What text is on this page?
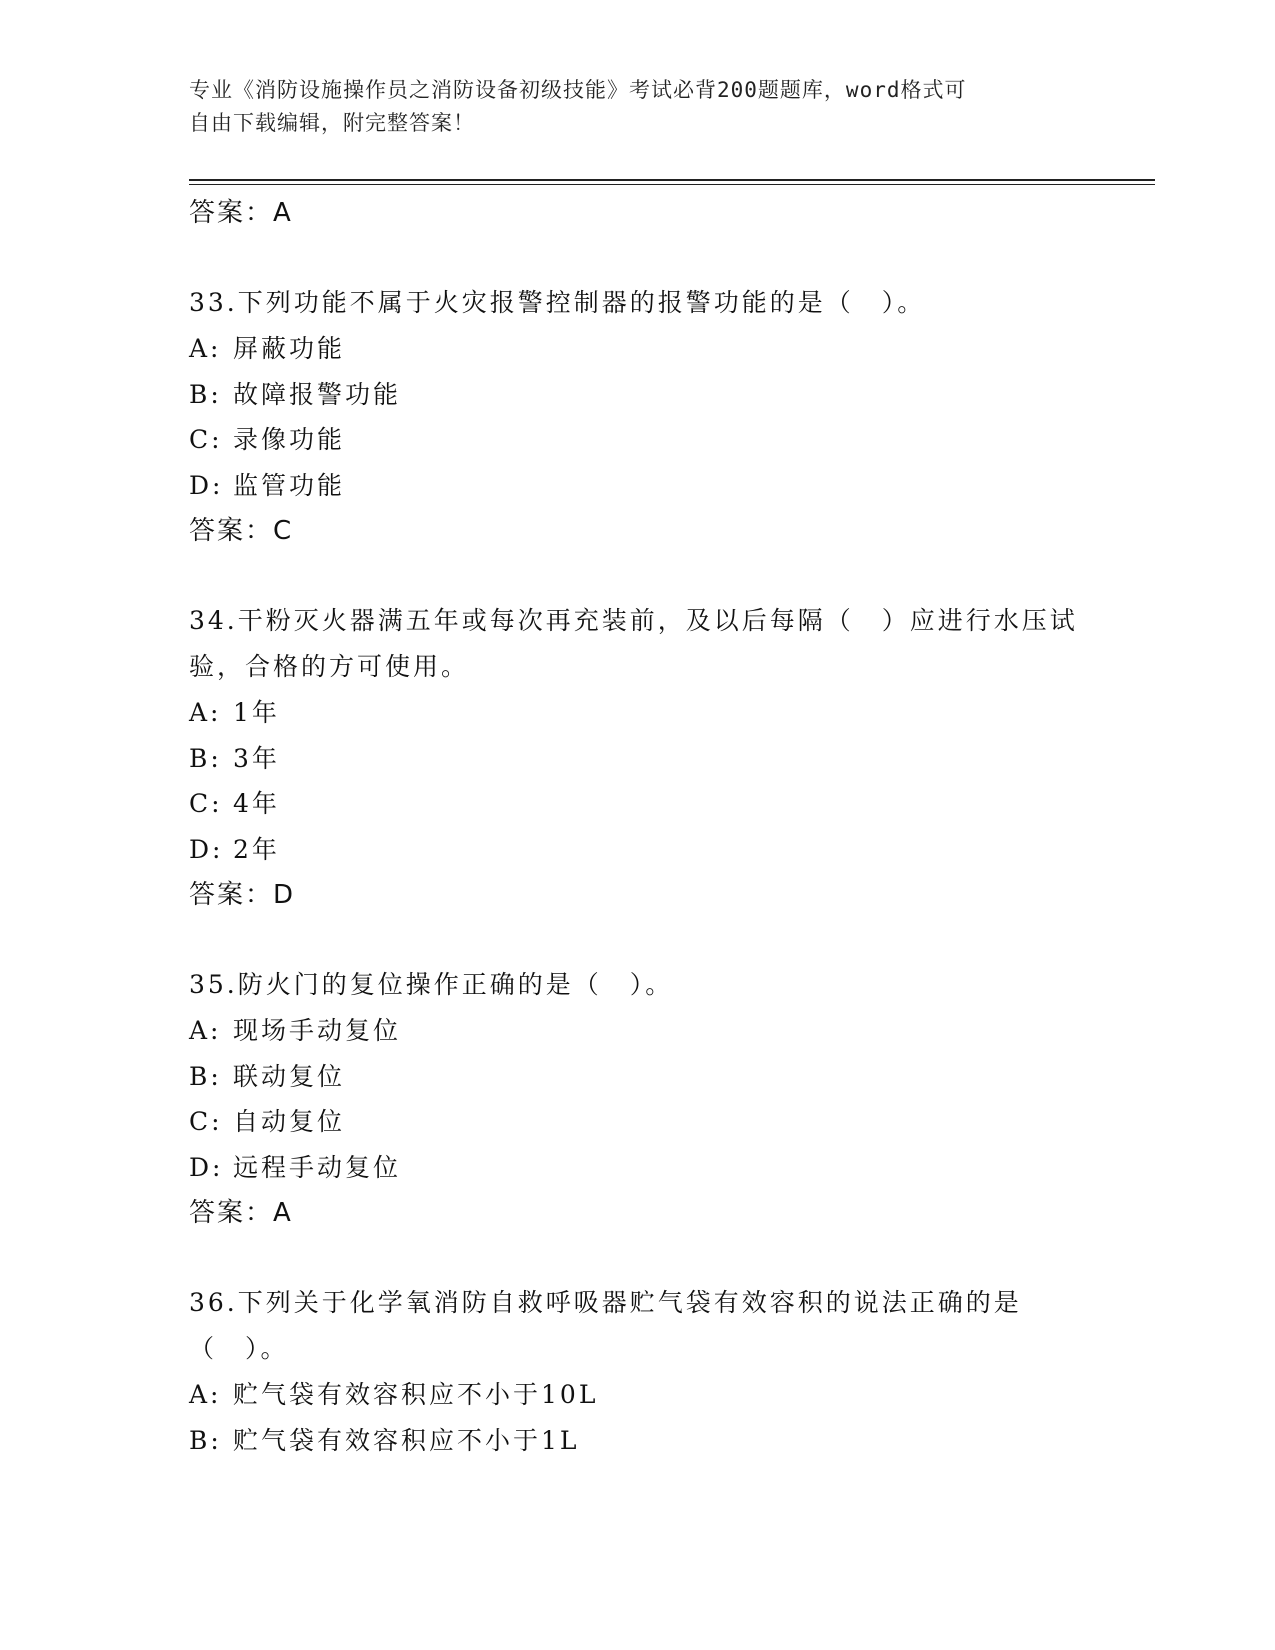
专业《消防设施操作员之消防设备初级技能》考试必背200题题库，word格式可
自由下载编辑，附完整答案！
答案：A
33.下列功能不属于火灾报警控制器的报警功能的是（　）。
A: 屏蔽功能
B: 故障报警功能
C: 录像功能
D: 监管功能
答案：C
34.干粉灭火器满五年或每次再充装前，及以后每隔（　）应进行水压试验，合格的方可使用。
A: 1年
B: 3年
C: 4年
D: 2年
答案：D
35.防火门的复位操作正确的是（　）。
A: 现场手动复位
B: 联动复位
C: 自动复位
D: 远程手动复位
答案：A
36.下列关于化学氧消防自救呼吸器贮气袋有效容积的说法正确的是（　）。
A: 贮气袋有效容积应不小于10L
B: 贮气袋有效容积应不小于1L
